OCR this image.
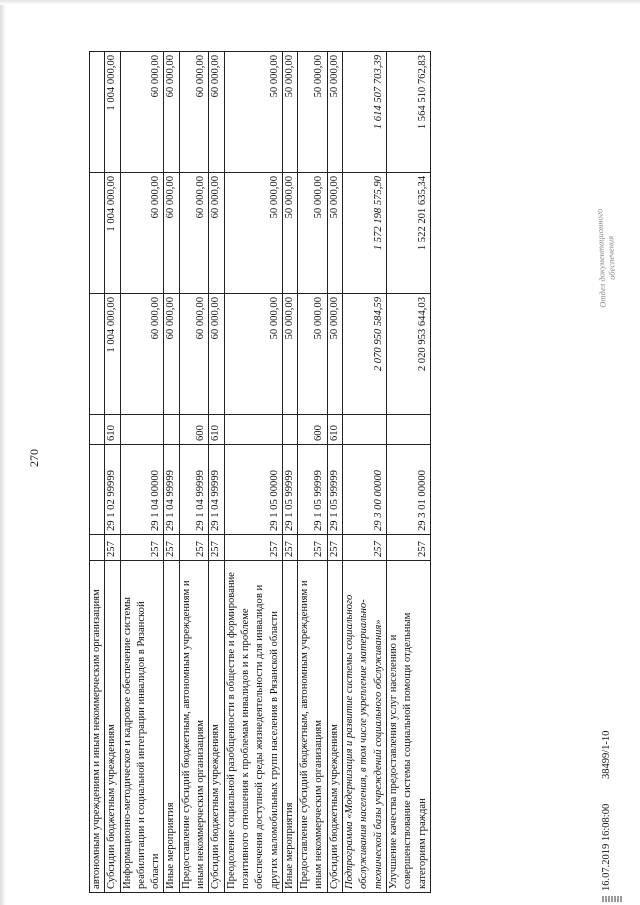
270
автономным учреждениям и иным некоммерческим организациям						
Субсидии бюджетным учреждениям	257	29 1 02 99999	610	1 004 000,00	1 004 000,00	1 004 000,00
Информационно-методическое и кадровое обеспечение системы реабилитации и социальной интеграции инвалидов в Рязанской области	257	29 1 04 00000		60 000,00	60 000,00	60 000,00
Иные мероприятия	257	29 1 04 99999		60 000,00	60 000,00	60 000,00
Предоставление субсидий бюджетным, автономным учреждениям и иным некоммерческим организациям	257	29 1 04 99999	600	60 000,00	60 000,00	60 000,00
Субсидии бюджетным учреждениям	257	29 1 04 99999	610	60 000,00	60 000,00	60 000,00
Преодоление социальной разобщенности в обществе и формирование позитивного отношения к проблемам инвалидов и к проблеме обеспечения доступной среды жизнедеятельности для инвалидов и других маломобильных групп населения в Рязанской области	257	29 1 05 00000		50 000,00	50 000,00	50 000,00
Иные мероприятия	257	29 1 05 99999		50 000,00	50 000,00	50 000,00
Предоставление субсидий бюджетным, автономным учреждениям и иным некоммерческим организациям	257	29 1 05 99999	600	50 000,00	50 000,00	50 000,00
Субсидии бюджетным учреждениям	257	29 1 05 99999	610	50 000,00	50 000,00	50 000,00
Подпрограмма «Модернизация и развитие системы социального обслуживания населения, в том числе укрепление материально-технической базы учреждений социального обслуживания»	257	29 3 00 00000		2 070 950 584,59	1 572 198 575,90	1 614 507 703,39
Улучшение качества предоставления услуг населению и совершенствование системы социальной помощи отдельным категориям граждан	257	29 3 01 00000		2 020 953 644,03	1 522 201 635,34	1 564 510 762,83
16.07.2019 16:08:00
38499/1-10
Отдел документационного
обеспечения
